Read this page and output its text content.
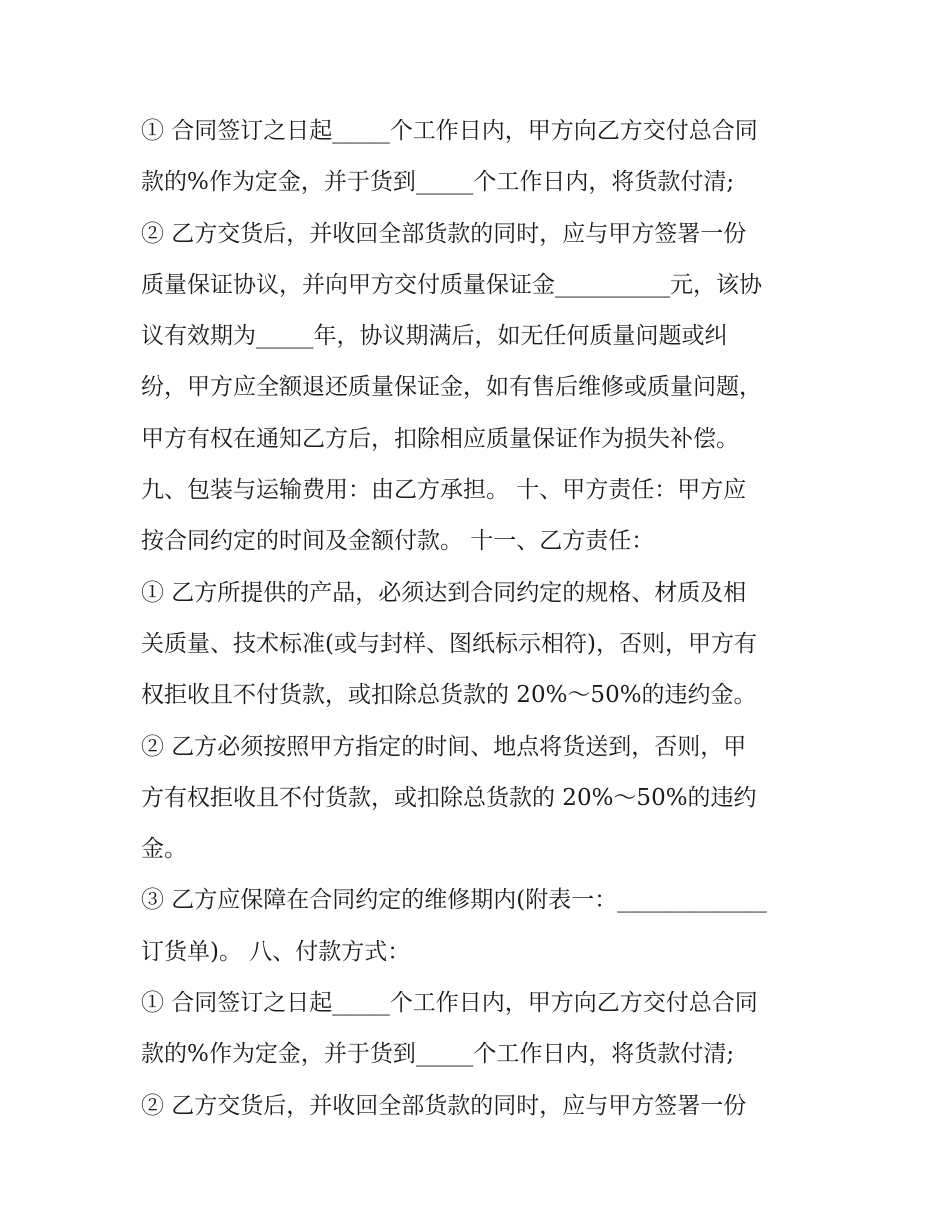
① 合同签订之日起_____个工作日内，甲方向乙方交付总合同
款的%作为定金，并于货到_____个工作日内，将货款付清;
② 乙方交货后，并收回全部货款的同时，应与甲方签署一份
质量保证协议，并向甲方交付质量保证金__________元，该协
议有效期为_____年，协议期满后，如无任何质量问题或纠
纷，甲方应全额退还质量保证金，如有售后维修或质量问题，
甲方有权在通知乙方后，扣除相应质量保证作为损失补偿。
九、包装与运输费用：由乙方承担。 十、甲方责任：甲方应
按合同约定的时间及金额付款。 十一、乙方责任：
① 乙方所提供的产品，必须达到合同约定的规格、材质及相
关质量、技术标准(或与封样、图纸标示相符)，否则，甲方有
权拒收且不付货款，或扣除总货款的 20%～50%的违约金。
② 乙方必须按照甲方指定的时间、地点将货送到，否则，甲
方有权拒收且不付货款，或扣除总货款的 20%～50%的违约
金。
③ 乙方应保障在合同约定的维修期内(附表一：_____________
订货单)。 八、付款方式：
① 合同签订之日起_____个工作日内，甲方向乙方交付总合同
款的%作为定金，并于货到_____个工作日内，将货款付清;
② 乙方交货后，并收回全部货款的同时，应与甲方签署一份
